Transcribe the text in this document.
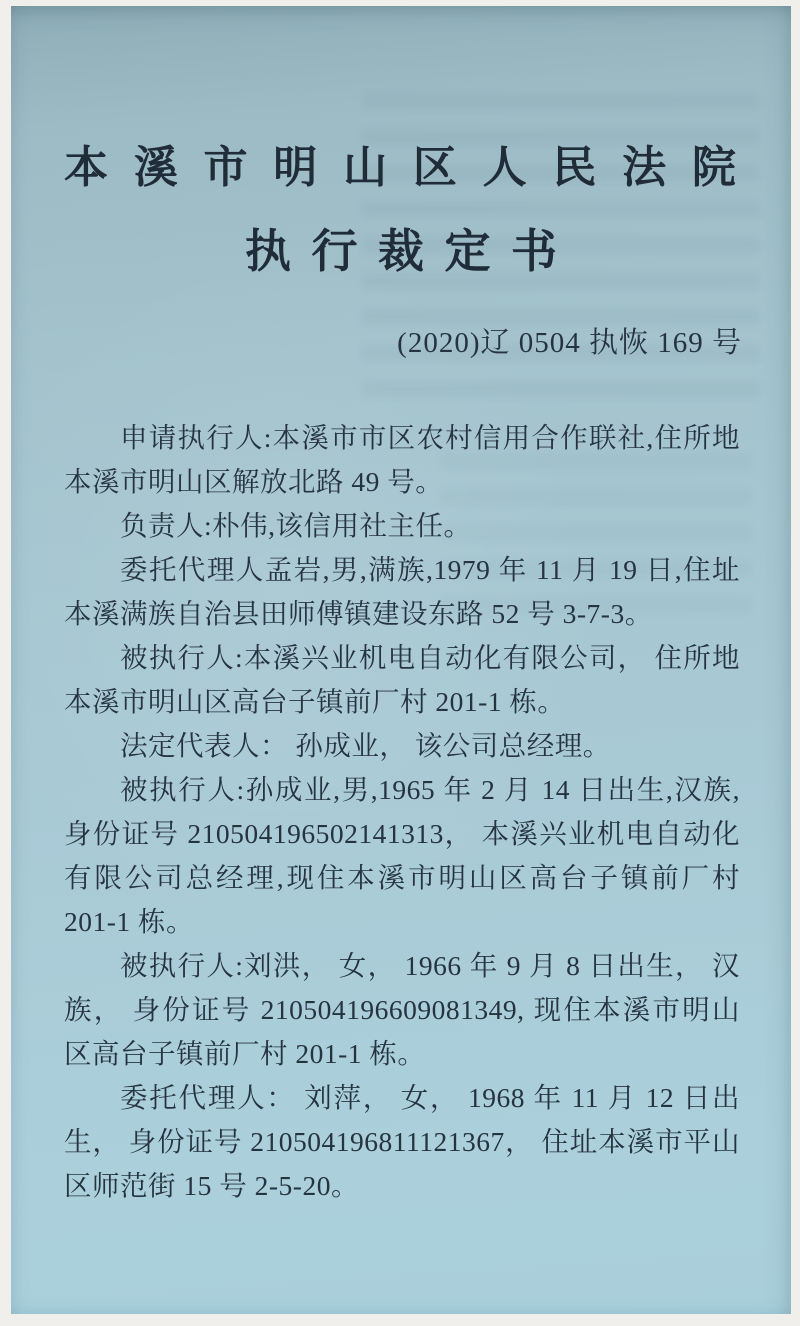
本 溪 市 明 山 区 人 民 法 院
执 行 裁 定 书
(2020)辽 0504 执恢 169 号

申请执行人:本溪市市区农村信用合作联社,住所地本溪市明山区解放北路 49 号。

负责人:朴伟,该信用社主任。

委托代理人孟岩,男,满族,1979 年 11 月 19 日,住址本溪满族自治县田师傅镇建设东路 52 号 3-7-3。

被执行人:本溪兴业机电自动化有限公司， 住所地本溪市明山区高台子镇前厂村 201-1 栋。

法定代表人： 孙成业， 该公司总经理。

被执行人:孙成业,男,1965 年 2 月 14 日出生,汉族,身份证号 210504196502141313， 本溪兴业机电自动化有限公司总经理,现住本溪市明山区高台子镇前厂村 201-1 栋。

被执行人:刘洪， 女， 1966 年 9 月 8 日出生， 汉族， 身份证号 210504196609081349, 现住本溪市明山区高台子镇前厂村 201-1 栋。

委托代理人： 刘萍， 女， 1968 年 11 月 12 日出生， 身份证号 210504196811121367， 住址本溪市平山区师范街 15 号 2-5-20。
